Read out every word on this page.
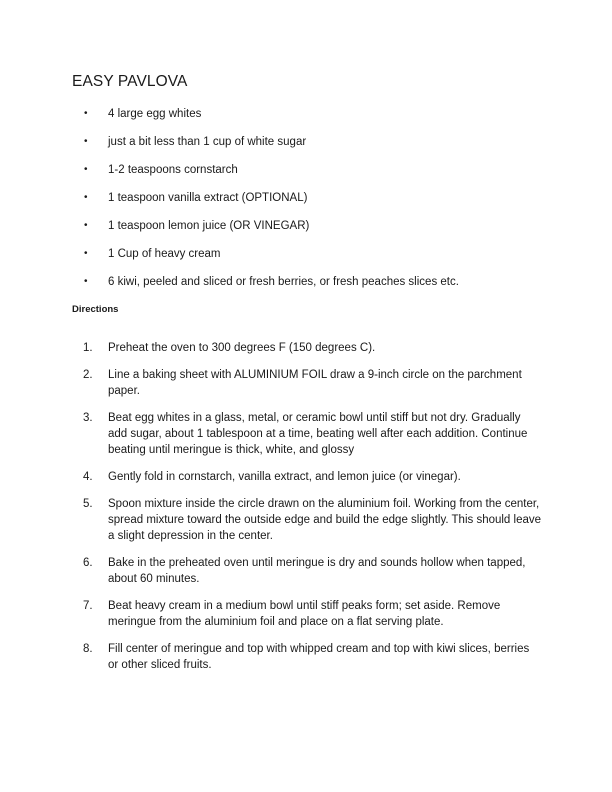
EASY PAVLOVA
• 4 large egg whites
• just a bit less than 1 cup of white sugar
• 1-2 teaspoons cornstarch
• 1 teaspoon vanilla extract (OPTIONAL)
• 1 teaspoon lemon juice (OR VINEGAR)
• 1 Cup of heavy cream
• 6 kiwi, peeled and sliced or fresh berries, or fresh peaches slices etc.
Directions
1. Preheat the oven to 300 degrees F (150 degrees C).
2. Line a baking sheet with ALUMINIUM FOIL draw a 9-inch circle on the parchment paper.
3. Beat egg whites in a glass, metal, or ceramic bowl until stiff but not dry. Gradually add sugar, about 1 tablespoon at a time, beating well after each addition. Continue beating until meringue is thick, white, and glossy
4. Gently fold in cornstarch, vanilla extract, and lemon juice (or vinegar).
5. Spoon mixture inside the circle drawn on the aluminium foil. Working from the center, spread mixture toward the outside edge and build the edge slightly. This should leave a slight depression in the center.
6. Bake in the preheated oven until meringue is dry and sounds hollow when tapped, about 60 minutes.
7. Beat heavy cream in a medium bowl until stiff peaks form; set aside. Remove meringue from the aluminium foil and place on a flat serving plate.
8. Fill center of meringue and top with whipped cream and top with kiwi slices, berries or other sliced fruits.
